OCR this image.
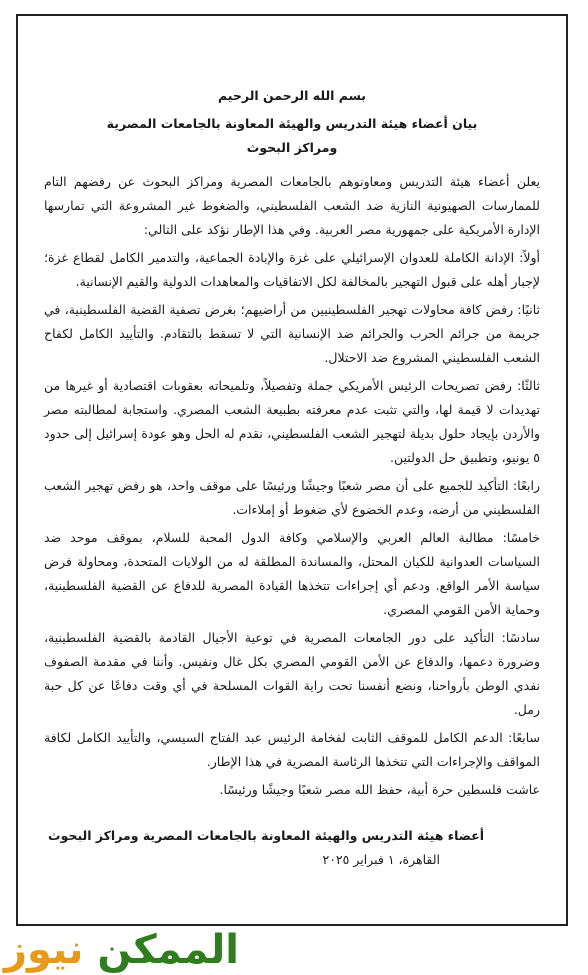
بسم الله الرحمن الرحيم
بيان أعضاء هيئة التدريس والهيئة المعاونة بالجامعات المصرية
ومراكز البحوث

يعلن أعضاء هيئة التدريس ومعاونوهم بالجامعات المصرية ومراكز البحوث عن رفضهم التام للممارسات الصهيونية النازية ضد الشعب الفلسطيني، والضغوط غير المشروعة التي تمارسها الإدارة الأمريكية على جمهورية مصر العربية. وفي هذا الإطار نؤكد على التالي:

أولاً: الإدانة الكاملة للعدوان الإسرائيلي على غزة والإبادة الجماعية، والتدمير الكامل لقطاع غزة؛ لإجبار أهله على قبول التهجير بالمخالفة لكل الاتفاقيات والمعاهدات الدولية والقيم الإنسانية.

ثانيًا: رفض كافة محاولات تهجير الفلسطينيين من أراضيهم؛ بغرض تصفية القضية الفلسطينية، في جريمة من جرائم الحرب والجرائم ضد الإنسانية التي لا تسقط بالتقادم. والتأييد الكامل لكفاح الشعب الفلسطيني المشروع ضد الاحتلال.

ثالثًا: رفض تصريحات الرئيس الأمريكي جملة وتفصيلاً، وتلميحاته بعقوبات اقتصادية أو غيرها من تهديدات لا قيمة لها، والتي تثبت عدم معرفته بطبيعة الشعب المصري. واستجابة لمطالبته مصر والأردن بإيجاد حلول بديلة لتهجير الشعب الفلسطيني، نقدم له الحل وهو عودة إسرائيل إلى حدود ٥ يونيو، وتطبيق حل الدولتين.

رابعًا: التأكيد للجميع على أن مصر شعبًا وجيشًا ورئيسًا على موقف واحد، هو رفض تهجير الشعب الفلسطيني من أرضه، وعدم الخضوع لأي ضغوط أو إملاءات.

خامسًا: مطالبة العالم العربي والإسلامي وكافة الدول المحبة للسلام، بموقف موحد ضد السياسات العدوانية للكيان المحتل، والمساندة المطلقة له من الولايات المتحدة، ومحاولة فرض سياسة الأمر الواقع. ودعم أي إجراءات تتخذها القيادة المصرية للدفاع عن القضية الفلسطينية، وحماية الأمن القومي المصري.

سادسًا: التأكيد على دور الجامعات المصرية في توعية الأجيال القادمة بالقضية الفلسطينية، وضرورة دعمها، والدفاع عن الأمن القومي المصري بكل غال ونفيس. وأننا في مقدمة الصفوف نفدي الوطن بأرواحنا، ونضع أنفسنا تحت راية القوات المسلحة في أي وقت دفاعًا عن كل حبة رمل.

سابعًا: الدعم الكامل للموقف الثابت لفخامة الرئيس عبد الفتاح السيسي، والتأييد الكامل لكافة المواقف والإجراءات التي تتخذها الرئاسة المصرية في هذا الإطار.

عاشت فلسطين حرة أبية، حفظ الله مصر شعبًا وجيشًا ورئيسًا.

أعضاء هيئة التدريس والهيئة المعاونة بالجامعات المصرية ومراكز البحوث
القاهرة، ١ فبراير ٢٠٢٥
الممكن نيوز
